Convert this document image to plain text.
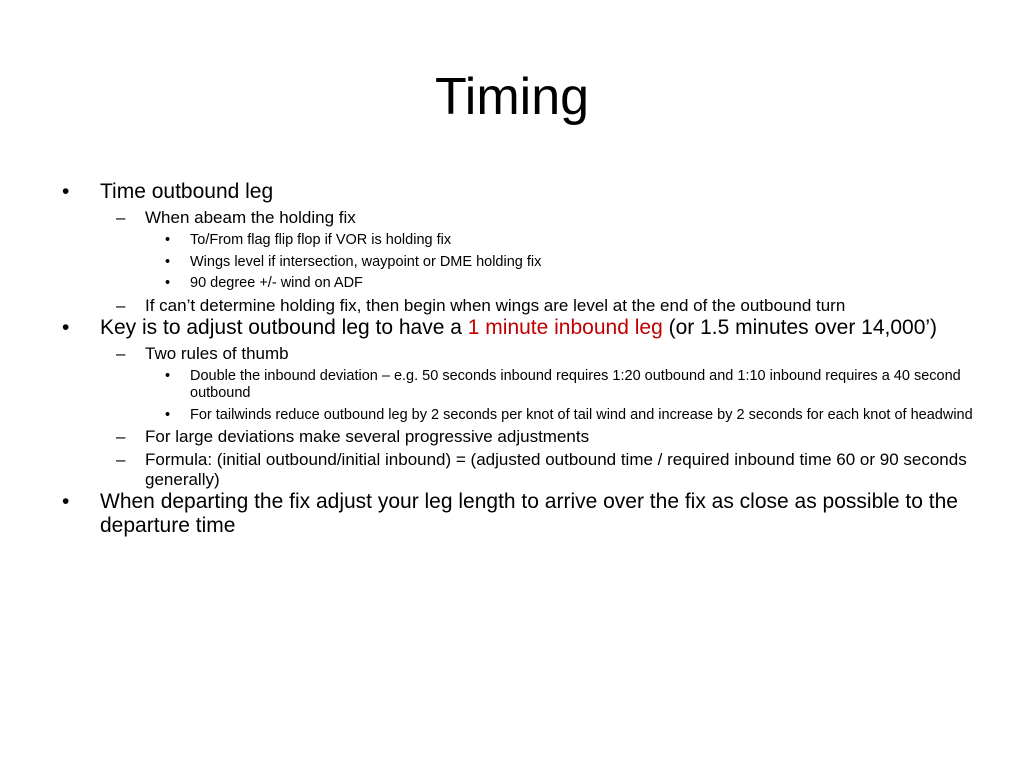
Timing
• Time outbound leg
– When abeam the holding fix
• To/From flag flip flop if VOR is holding fix
• Wings level if intersection, waypoint or DME holding fix
• 90 degree +/- wind on ADF
– If can’t determine holding fix, then begin when wings are level at the end of the outbound turn
• Key is to adjust outbound leg to have a 1 minute inbound leg (or 1.5 minutes over 14,000’)
– Two rules of thumb
• Double the inbound deviation – e.g. 50 seconds inbound requires 1:20 outbound and 1:10 inbound requires a 40 second outbound
• For tailwinds reduce outbound leg by 2 seconds per knot of tail wind and increase by 2 seconds for each knot of headwind
– For large deviations make several progressive adjustments
– Formula: (initial outbound/initial inbound) = (adjusted outbound time / required inbound time 60 or 90 seconds generally)
• When departing the fix adjust your leg length to arrive over the fix as close as possible to the departure time
